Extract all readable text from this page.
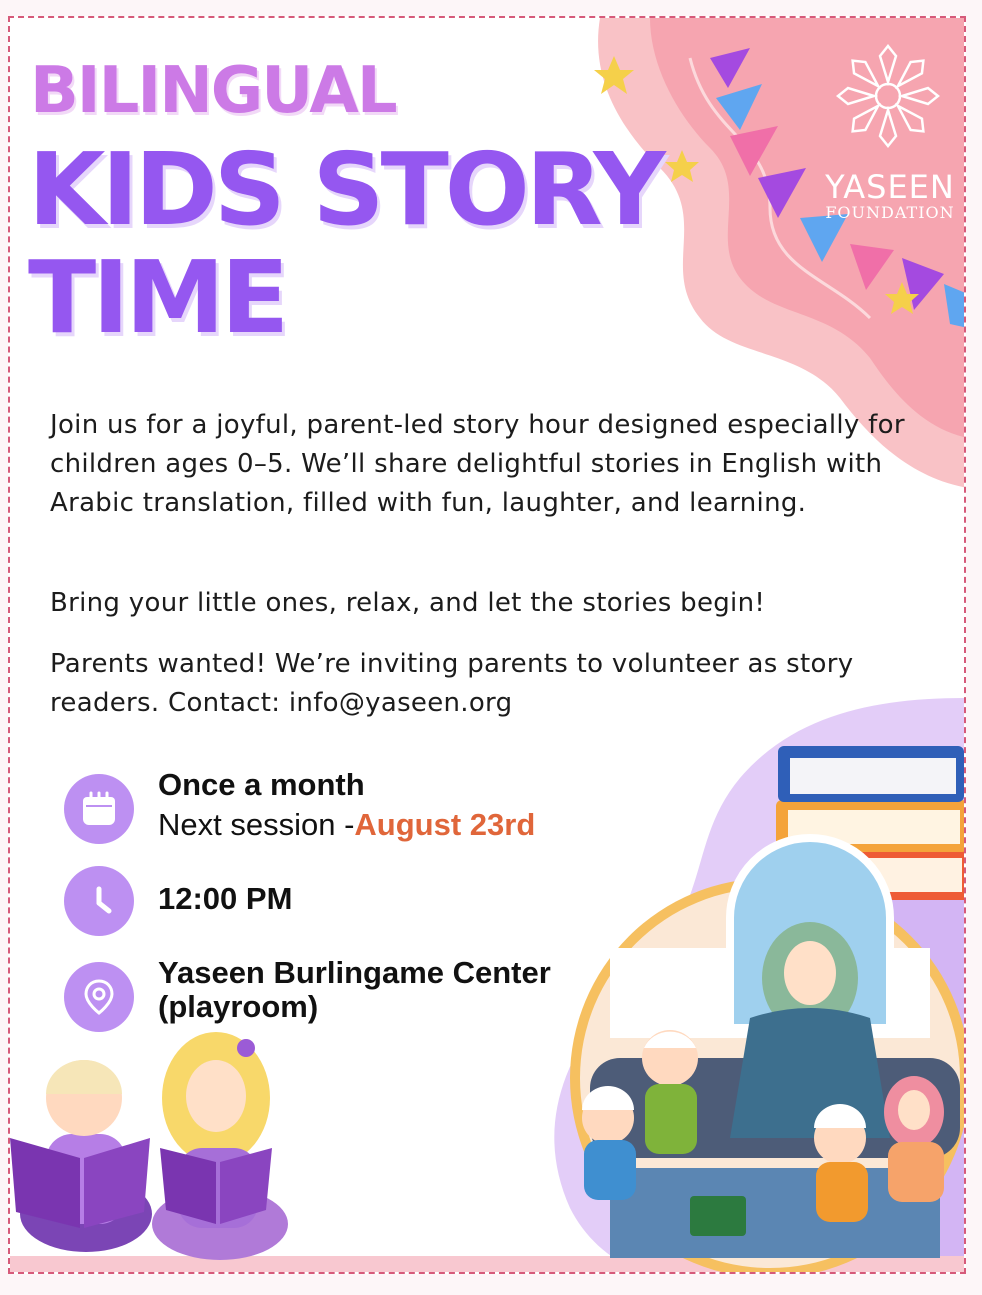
YASEEN
FOUNDATION
BILINGUAL
KIDS STORY
TIME

Join us for a joyful, parent-led story hour designed especially for children ages 0–5. We’ll share delightful stories in English with Arabic translation, filled with fun, laughter, and learning.

Bring your little ones, relax, and let the stories begin!

Parents wanted! We’re inviting parents to volunteer as story readers. Contact: info@yaseen.org

Once a month
Next session -August 23rd
12:00 PM
Yaseen Burlingame Center
(playroom)
